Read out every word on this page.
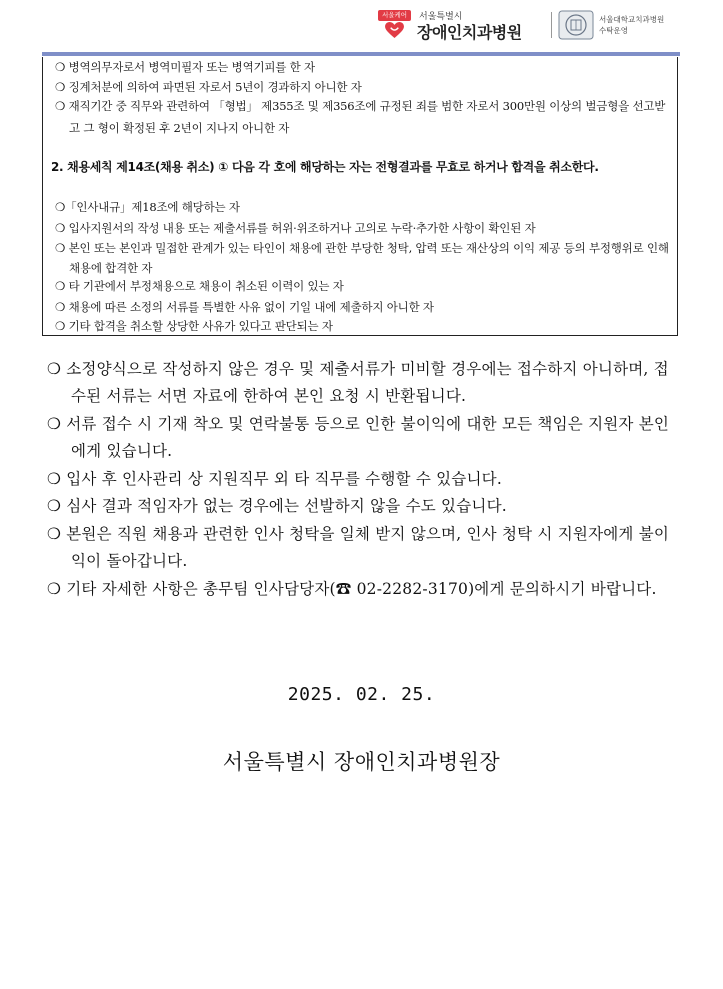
서울케어	서울특별시
장애인치과병원
서울대학교치과병원
수탁운영
❍ 병역의무자로서 병역미필자 또는 병역기피를 한 자
❍ 징계처분에 의하여 파면된 자로서 5년이 경과하지 아니한 자
❍ 재직기간 중 직무와 관련하여 「형법」 제355조 및 제356조에 규정된 죄를 범한 자로서 300만원 이상의 벌금형을 선고받고 그 형이 확정된 후 2년이 지나지 아니한 자
2. 채용세칙 제14조(채용 취소) ① 다음 각 호에 해당하는 자는 전형결과를 무효로 하거나 합격을 취소한다.
❍「인사내규」제18조에 해당하는 자
❍ 입사지원서의 작성 내용 또는 제출서류를 허위·위조하거나 고의로 누락·추가한 사항이 확인된 자
❍ 본인 또는 본인과 밀접한 관계가 있는 타인이 채용에 관한 부당한 청탁, 압력 또는 재산상의 이익 제공 등의 부정행위로 인해 채용에 합격한 자
❍ 타 기관에서 부정채용으로 채용이 취소된 이력이 있는 자
❍ 채용에 따른 소정의 서류를 특별한 사유 없이 기일 내에 제출하지 아니한 자
❍ 기타 합격을 취소할 상당한 사유가 있다고 판단되는 자
❍ 소정양식으로 작성하지 않은 경우 및 제출서류가 미비할 경우에는 접수하지 아니하며, 접수된 서류는 서면 자료에 한하여 본인 요청 시 반환됩니다.
❍ 서류 접수 시 기재 착오 및 연락불통 등으로 인한 불이익에 대한 모든 책임은 지원자 본인에게 있습니다.
❍ 입사 후 인사관리 상 지원직무 외 타 직무를 수행할 수 있습니다.
❍ 심사 결과 적임자가 없는 경우에는 선발하지 않을 수도 있습니다.
❍ 본원은 직원 채용과 관련한 인사 청탁을 일체 받지 않으며, 인사 청탁 시 지원자에게 불이익이 돌아갑니다.
❍ 기타 자세한 사항은 총무팀 인사담당자(☎ 02-2282-3170)에게 문의하시기 바랍니다.
2025. 02. 25.
서울특별시 장애인치과병원장
